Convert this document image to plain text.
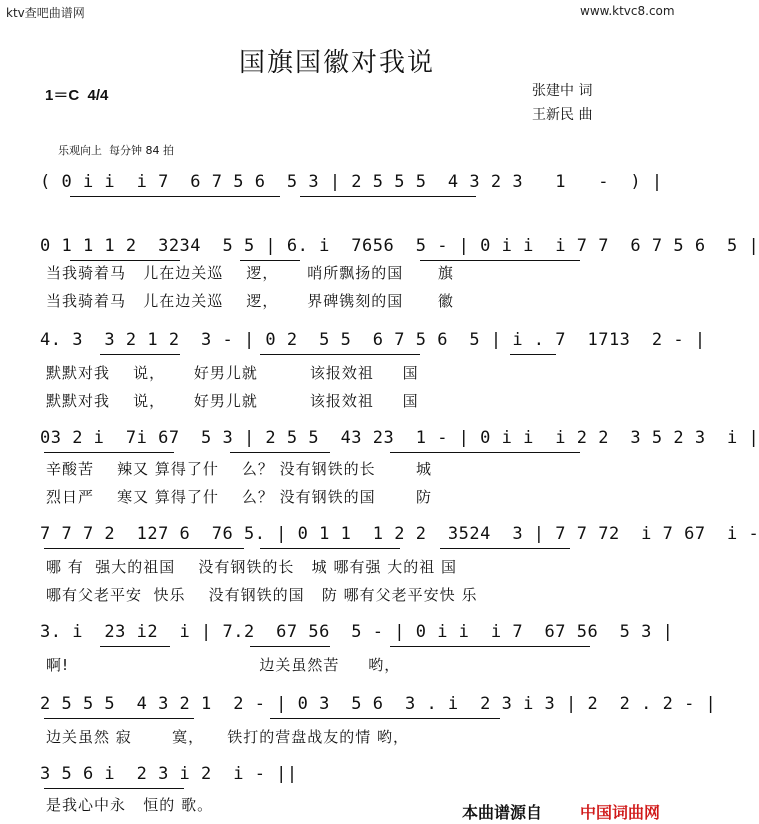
ktv查吧曲谱网	www.ktvc8.com
国旗国徽对我说
1＝C  4/4	张建中 词
王新民 曲
乐观向上  每分钟 84 拍
( 0 i i  i 7  6 7 5 6  5 3 | 2 5 5 5  4 3 2 3   1   -  ) |
0 1 1 1 2  3234  5 5 | 6. i  7656  5 - | 0 i i  i 7 7  6 7 5 6  5 |
当我骑着马   儿在边关巡    逻，     哨所飘扬的国      旗
当我骑着马   儿在边关巡    逻，     界碑镌刻的国      徽
4. 3  3 2 1 2  3 - | 0 2  5 5  6 7 5 6  5 | i . 7  1713  2 - |
默默对我    说，     好男儿就         该报效祖     国
默默对我    说，     好男儿就         该报效祖     国
03 2 i  7i 67  5 3 | 2 5 5  43 23  1 - | 0 i i  i 2 2  3 5 2 3  i |
辛酸苦    辣又 算得了什    么？ 没有钢铁的长       城
烈日严    寒又 算得了什    么？ 没有钢铁的国       防
7 7 7 2  127 6  76 5. | 0 1 1  1 2 2  3524  3 | 7 7 72  i 7 67  i -
哪 有  强大的祖国    没有钢铁的长   城 哪有强 大的祖 国
哪有父老平安  快乐    没有钢铁的国   防 哪有父老平安快 乐
3. i  23 i2  i | 7.2  67 56  5 - | 0 i i  i 7  67 56  5 3 |
啊!                                 边关虽然苦     哟，
2 5 5 5  4 3 2 1  2 - | 0 3  5 6  3 . i  2 3 i 3 | 2  2 . 2 - |
边关虽然 寂       寞，    铁打的营盘战友的情 哟，
3 5 6 i  2 3 i 2  i - ||
是我心中永   恒的 歌。	本曲谱源自 中国词曲网
